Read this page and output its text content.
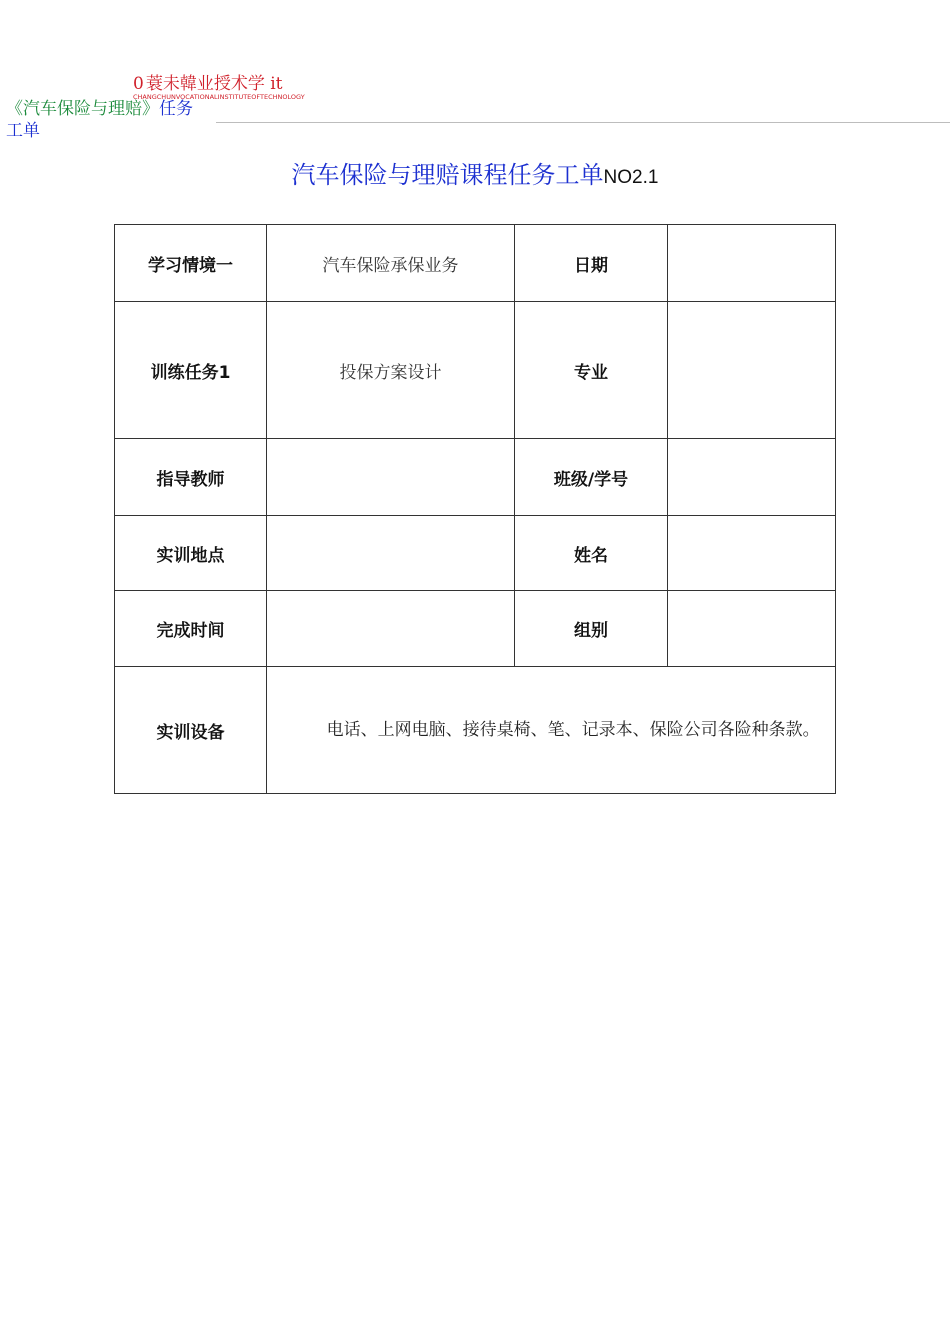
0 蓑未韓业授术学 it
CHANGCHUNVOCATIONALINSTITUTEOFTECHNOLOGY
《汽车保险与理赔》任务
工单
汽车保险与理赔课程任务工单NO2.1
学习情境一	汽车保险承保业务	日期	
训练任务1	投保方案设计	专业	
指导教师		班级/学号	
实训地点		姓名	
完成时间		组别	
实训设备	电话、上网电脑、接待桌椅、笔、记录本、保险公司各险种条款。		
